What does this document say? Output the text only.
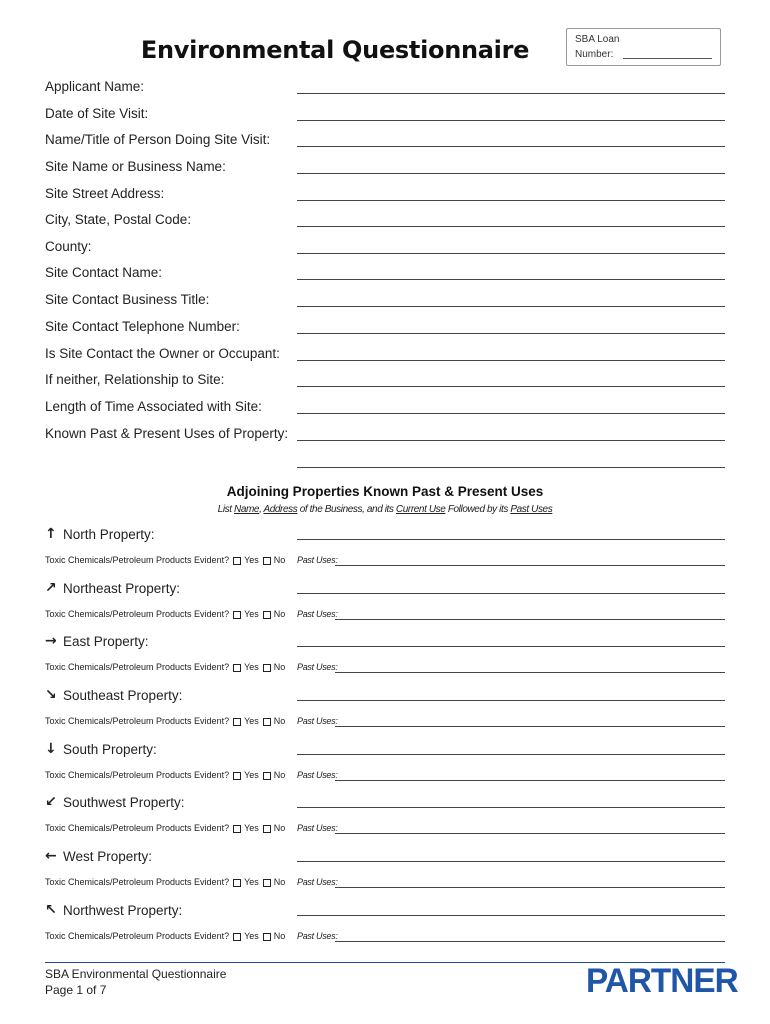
Environmental Questionnaire	SBA Loan
Number:
Applicant Name:
Date of Site Visit:
Name/Title of Person Doing Site Visit:
Site Name or Business Name:
Site Street Address:
City, State, Postal Code:
County:
Site Contact Name:
Site Contact Business Title:
Site Contact Telephone Number:
Is Site Contact the Owner or Occupant:
If neither, Relationship to Site:
Length of Time Associated with Site:
Known Past & Present Uses of Property:
Adjoining Properties Known Past & Present Uses
List Name, Address of the Business, and its Current Use Followed by its Past Uses
↑ North Property:
Toxic Chemicals/Petroleum Products Evident? Yes No Past Uses:
↗ Northeast Property:
Toxic Chemicals/Petroleum Products Evident? Yes No Past Uses:
→ East Property:
Toxic Chemicals/Petroleum Products Evident? Yes No Past Uses:
↘ Southeast Property:
Toxic Chemicals/Petroleum Products Evident? Yes No Past Uses:
↓ South Property:
Toxic Chemicals/Petroleum Products Evident? Yes No Past Uses:
↙ Southwest Property:
Toxic Chemicals/Petroleum Products Evident? Yes No Past Uses:
← West Property:
Toxic Chemicals/Petroleum Products Evident? Yes No Past Uses:
↖ Northwest Property:
Toxic Chemicals/Petroleum Products Evident? Yes No Past Uses:
SBA Environmental Questionnaire
Page 1 of 7	PARTNER
